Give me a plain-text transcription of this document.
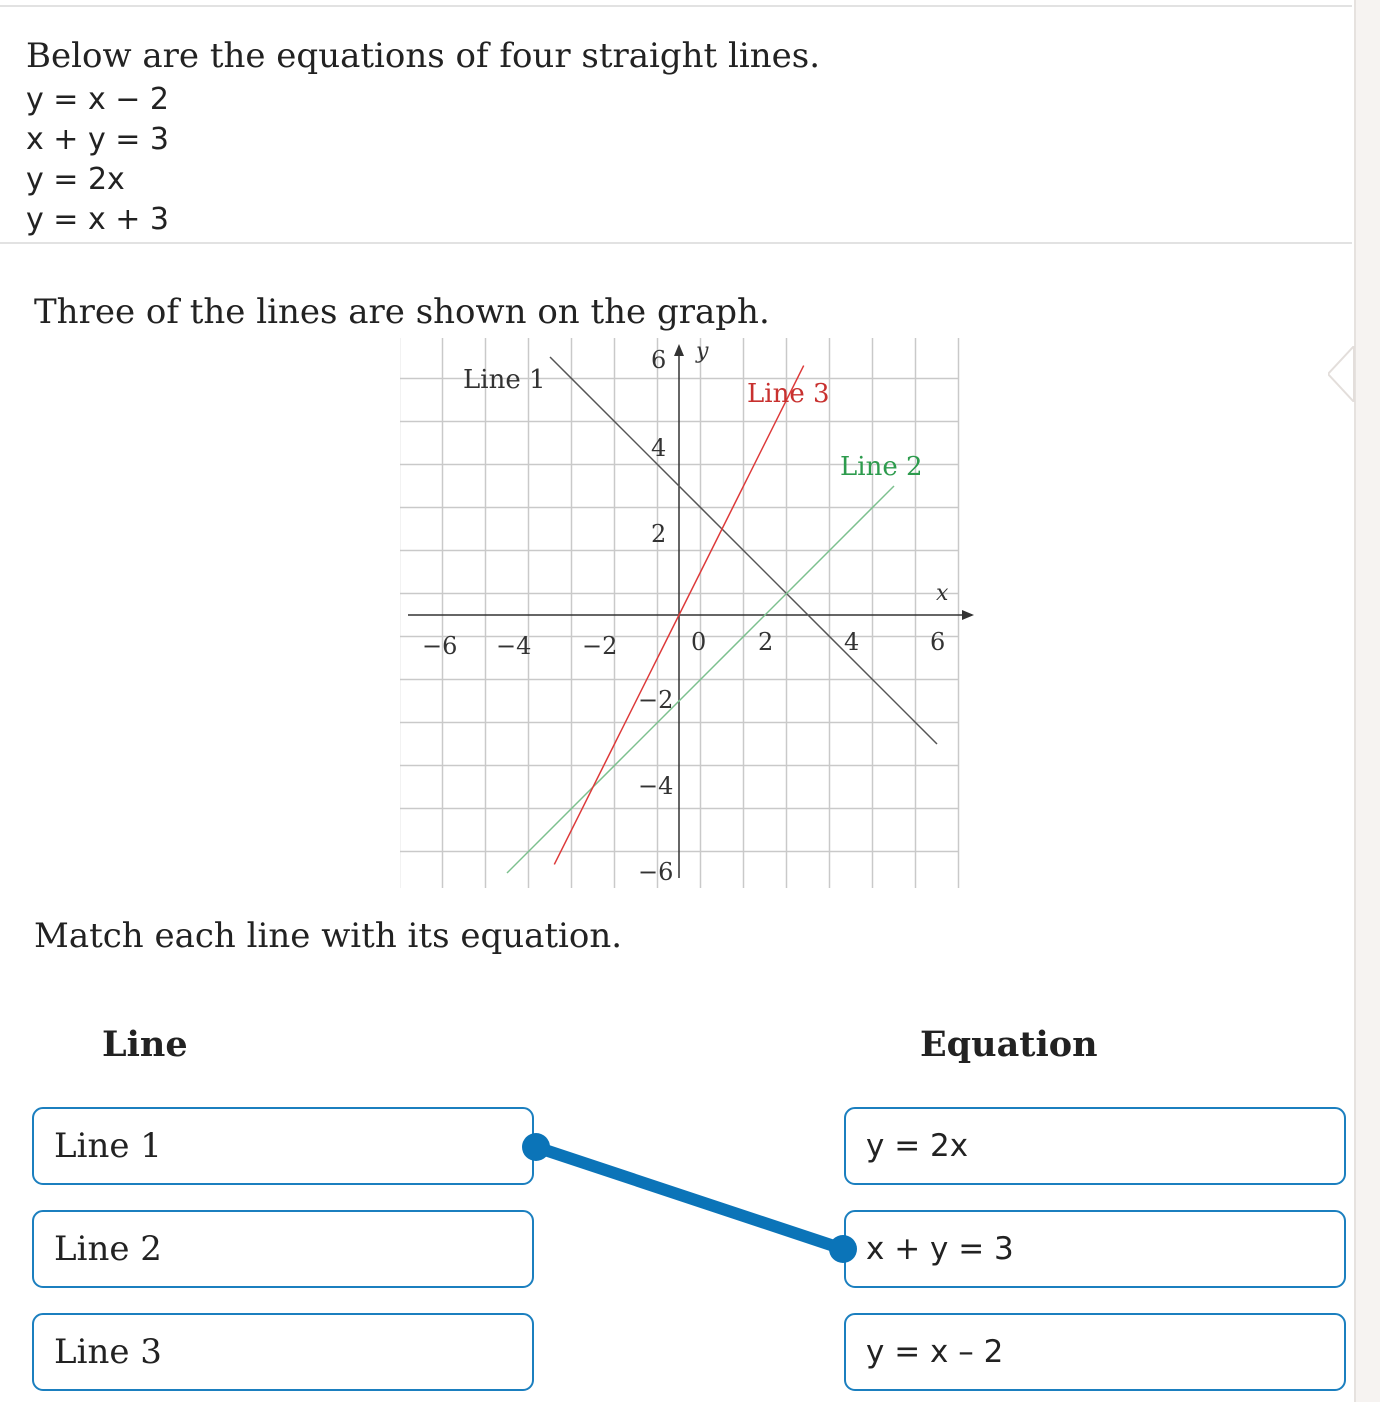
Below are the equations of four straight lines.
y = x − 2
x + y = 3
y = 2x
y = x + 3
Three of the lines are shown on the graph.
x
y
−6 −4 −2	0 2	4	6
6
4
2
−2
−4
−6
Line 1
Line 2
Line 3
Match each line with its equation.
Line	Equation
Line 1
Line 2
Line 3
y = 2x
x + y = 3
y = x – 2
